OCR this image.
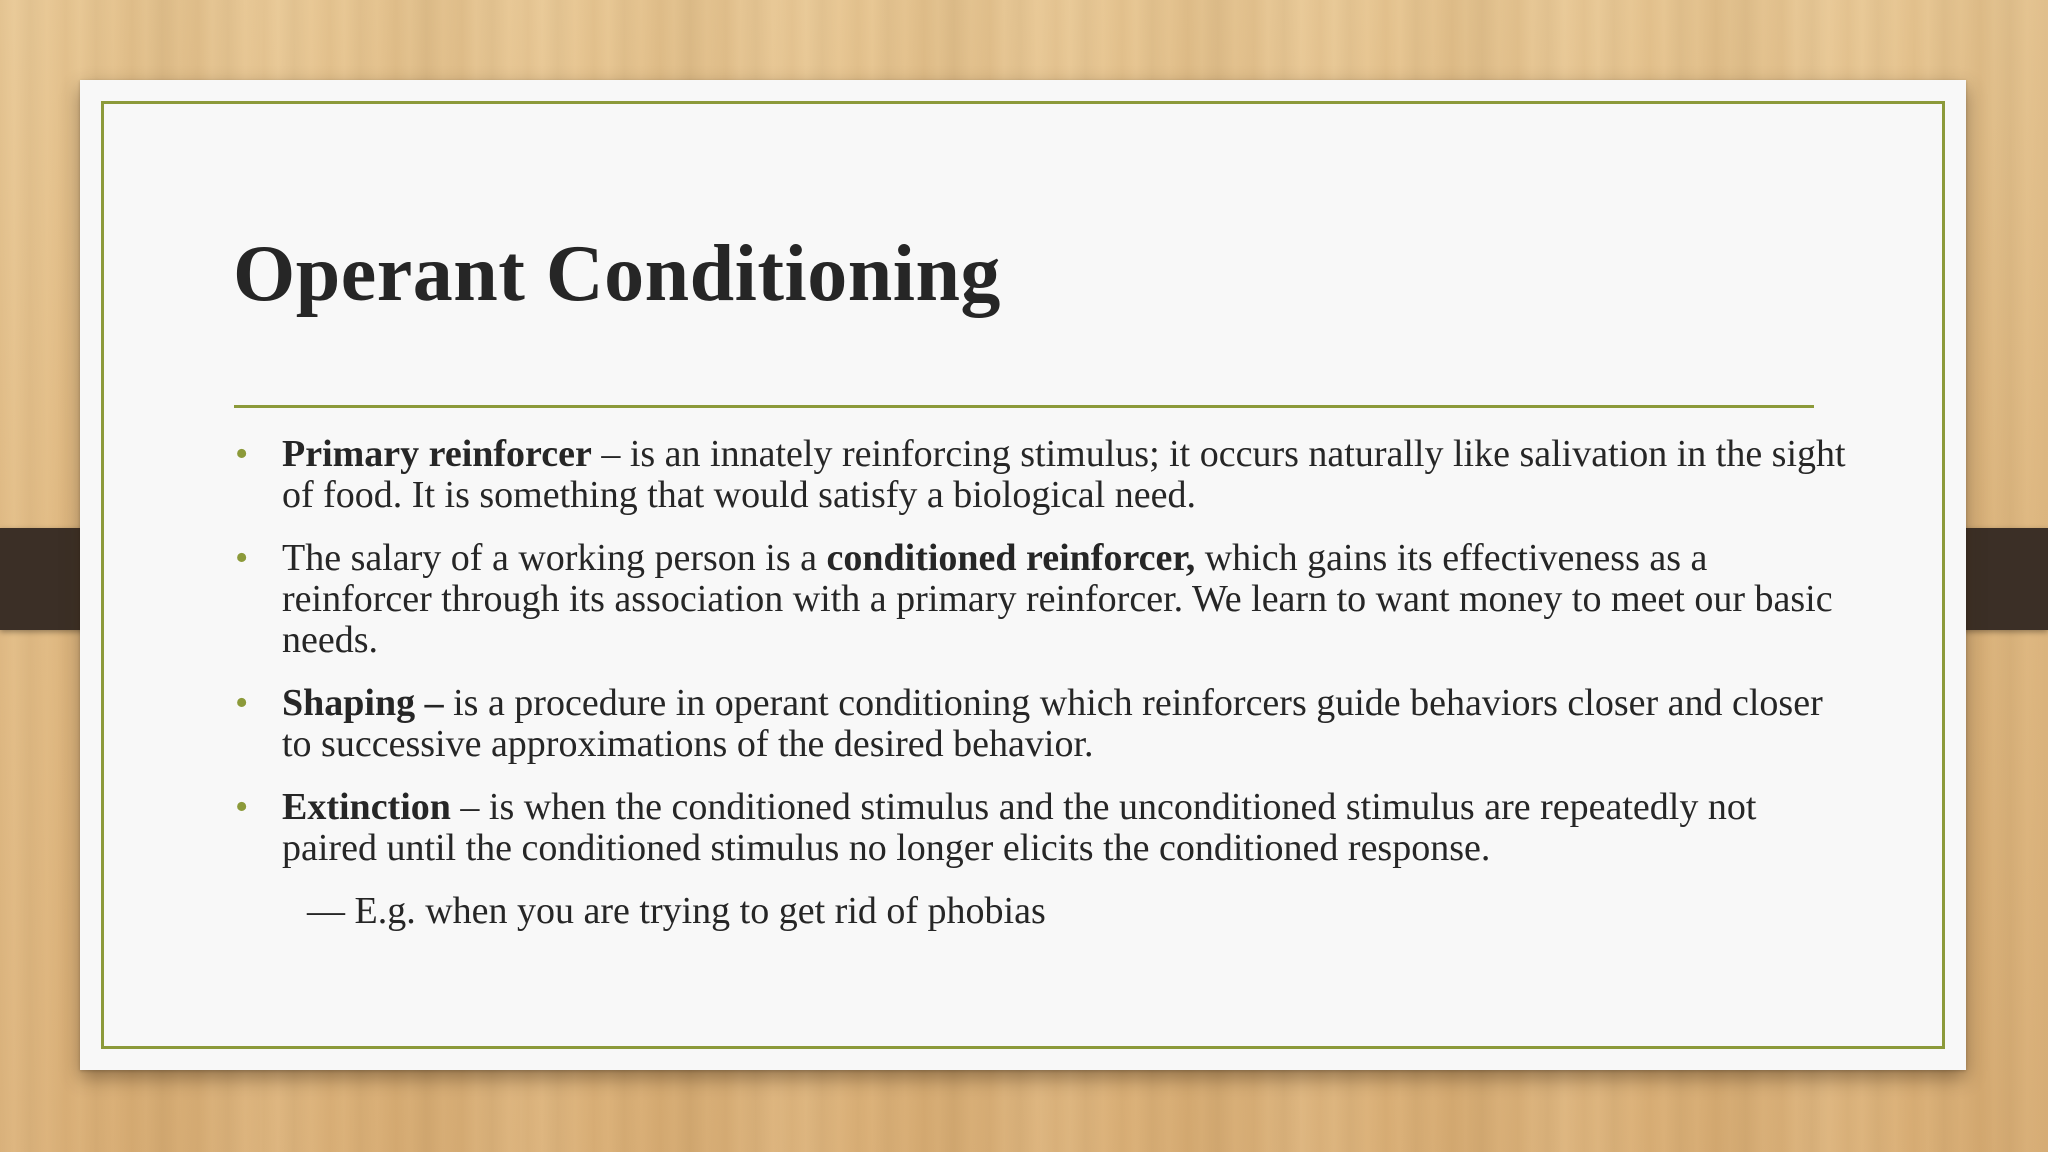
Operant Conditioning
• Primary reinforcer – is an innately reinforcing stimulus; it occurs naturally like salivation in the sight of food. It is something that would satisfy a biological need.
• The salary of a working person is a conditioned reinforcer, which gains its effectiveness as a reinforcer through its association with a primary reinforcer. We learn to want money to meet our basic needs.
• Shaping – is a procedure in operant conditioning which reinforcers guide behaviors closer and closer to successive approximations of the desired behavior.
• Extinction – is when the conditioned stimulus and the unconditioned stimulus are repeatedly not paired until the conditioned stimulus no longer elicits the conditioned response.
— E.g. when you are trying to get rid of phobias
